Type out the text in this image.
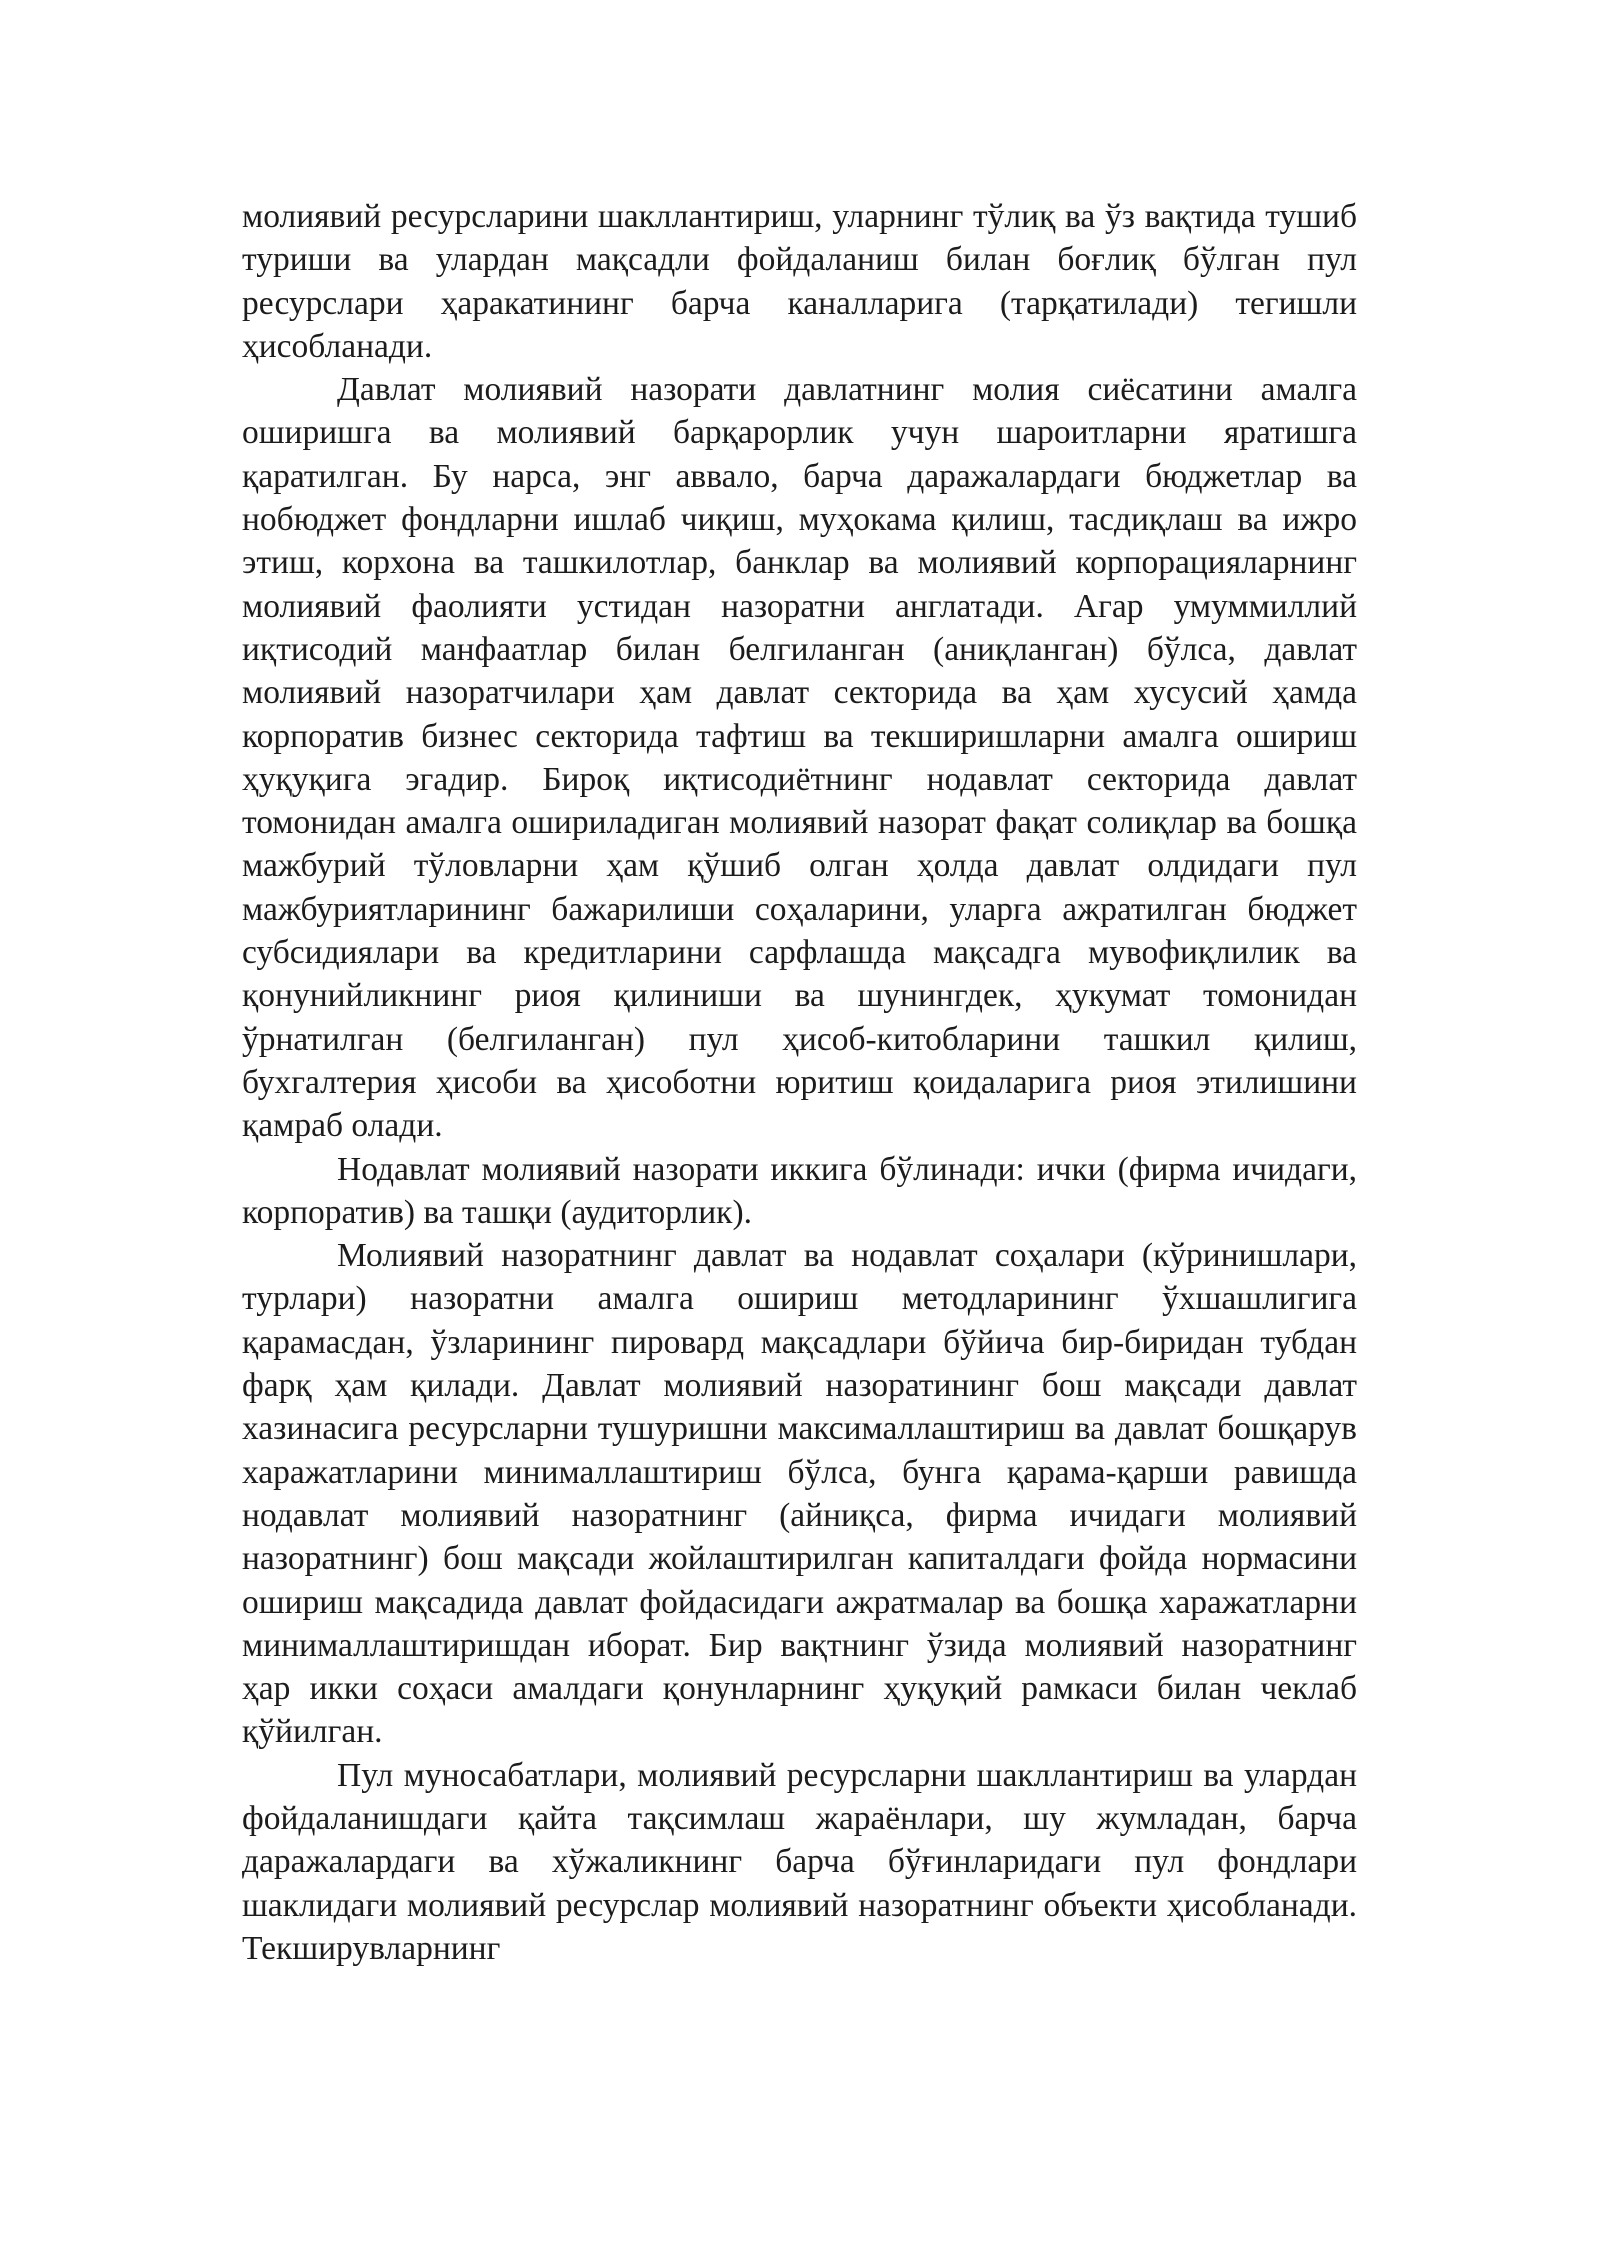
молиявий ресурсларини шакллантириш, уларнинг тўлиқ ва ўз вақтида тушиб туриши ва улардан мақсадли фойдаланиш билан боғлиқ бўлган пул ресурслари ҳаракатининг барча каналларига (тарқатилади) тегишли ҳисобланади.

Давлат молиявий назорати давлатнинг молия сиёсатини амалга оширишга ва молиявий барқарорлик учун шароитларни яратишга қаратилган. Бу нарса, энг аввало, барча даражалардаги бюджетлар ва нобюджет фондларни ишлаб чиқиш, муҳокама қилиш, тасдиқлаш ва ижро этиш, корхона ва ташкилотлар, банклар ва молиявий корпорацияларнинг молиявий фаолияти устидан назоратни англатади. Агар умуммиллий иқтисодий манфаатлар билан белгиланган (аниқланган) бўлса, давлат молиявий назоратчилари ҳам давлат секторида ва ҳам хусусий ҳамда корпоратив бизнес секторида тафтиш ва текширишларни амалга ошириш ҳуқуқига эгадир. Бироқ иқтисодиётнинг нодавлат секторида давлат томонидан амалга ошириладиган молиявий назорат фақат солиқлар ва бошқа мажбурий тўловларни ҳам қўшиб олган ҳолда давлат олдидаги пул мажбуриятларининг бажарилиши соҳаларини, уларга ажратилган бюджет субсидиялари ва кредитларини сарфлашда мақсадга мувофиқлилик ва қонунийликнинг риоя қилиниши ва шунингдек, ҳукумат томонидан ўрнатилган (белгиланган) пул ҳисоб-китобларини ташкил қилиш, бухгалтерия ҳисоби ва ҳисоботни юритиш қоидаларига риоя этилишини қамраб олади.

Нодавлат молиявий назорати иккига бўлинади: ички (фирма ичидаги, корпоратив) ва ташқи (аудиторлик).

Молиявий назоратнинг давлат ва нодавлат соҳалари (кўринишлари, турлари) назоратни амалга ошириш методларининг ўхшашлигига қарамасдан, ўзларининг пировард мақсадлари бўйича бир-биридан тубдан фарқ ҳам қилади. Давлат молиявий назоратининг бош мақсади давлат хазинасига ресурсларни тушуришни максималлаштириш ва давлат бошқарув харажатларини минималлаштириш бўлса, бунга қарама-қарши равишда нодавлат молиявий назоратнинг (айниқса, фирма ичидаги молиявий назоратнинг) бош мақсади жойлаштирилган капиталдаги фойда нормасини ошириш мақсадида давлат фойдасидаги ажратмалар ва бошқа харажатларни минималлаштиришдан иборат. Бир вақтнинг ўзида молиявий назоратнинг ҳар икки соҳаси амалдаги қонунларнинг ҳуқуқий рамкаси билан чеклаб қўйилган.

Пул муносабатлари, молиявий ресурсларни шакллантириш ва улардан фойдаланишдаги қайта тақсимлаш жараёнлари, шу жумладан, барча даражалардаги ва хўжаликнинг барча бўғинларидаги пул фондлари шаклидаги молиявий ресурслар молиявий назоратнинг объекти ҳисобланади. Текширувларнинг
